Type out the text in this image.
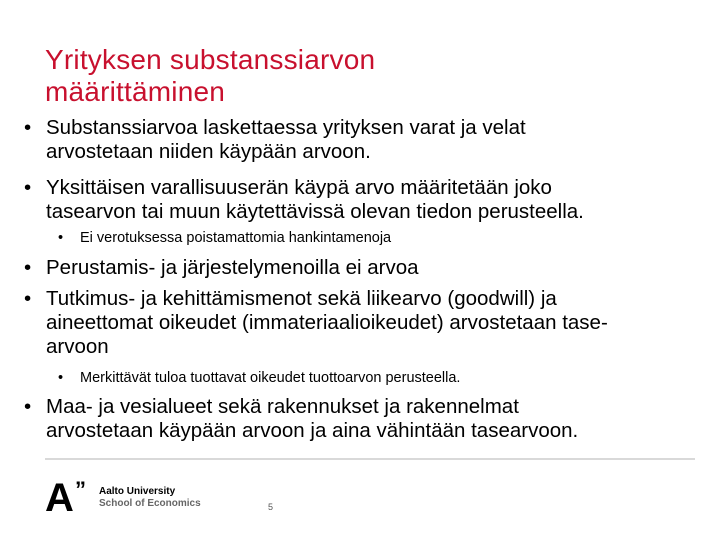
Yrityksen substanssiarvon
määrittäminen
• Substanssiarvoa laskettaessa yrityksen varat ja velat
arvostetaan niiden käypään arvoon.
• Yksittäisen varallisuuserän käypä arvo määritetään joko
tasearvon tai muun käytettävissä olevan tiedon perusteella.
• Ei verotuksessa poistamattomia hankintamenoja
• Perustamis- ja järjestelymenoilla ei arvoa
• Tutkimus- ja kehittämismenot sekä liikearvo (goodwill) ja
aineettomat oikeudet (immateriaalioikeudet) arvostetaan tase-
arvoon
• Merkittävät tuloa tuottavat oikeudet tuottoarvon perusteella.
• Maa- ja vesialueet sekä rakennukset ja rakennelmat
arvostetaan käypään arvoon ja aina vähintään tasearvoon.
A ” Aalto University
School of Economics	5
